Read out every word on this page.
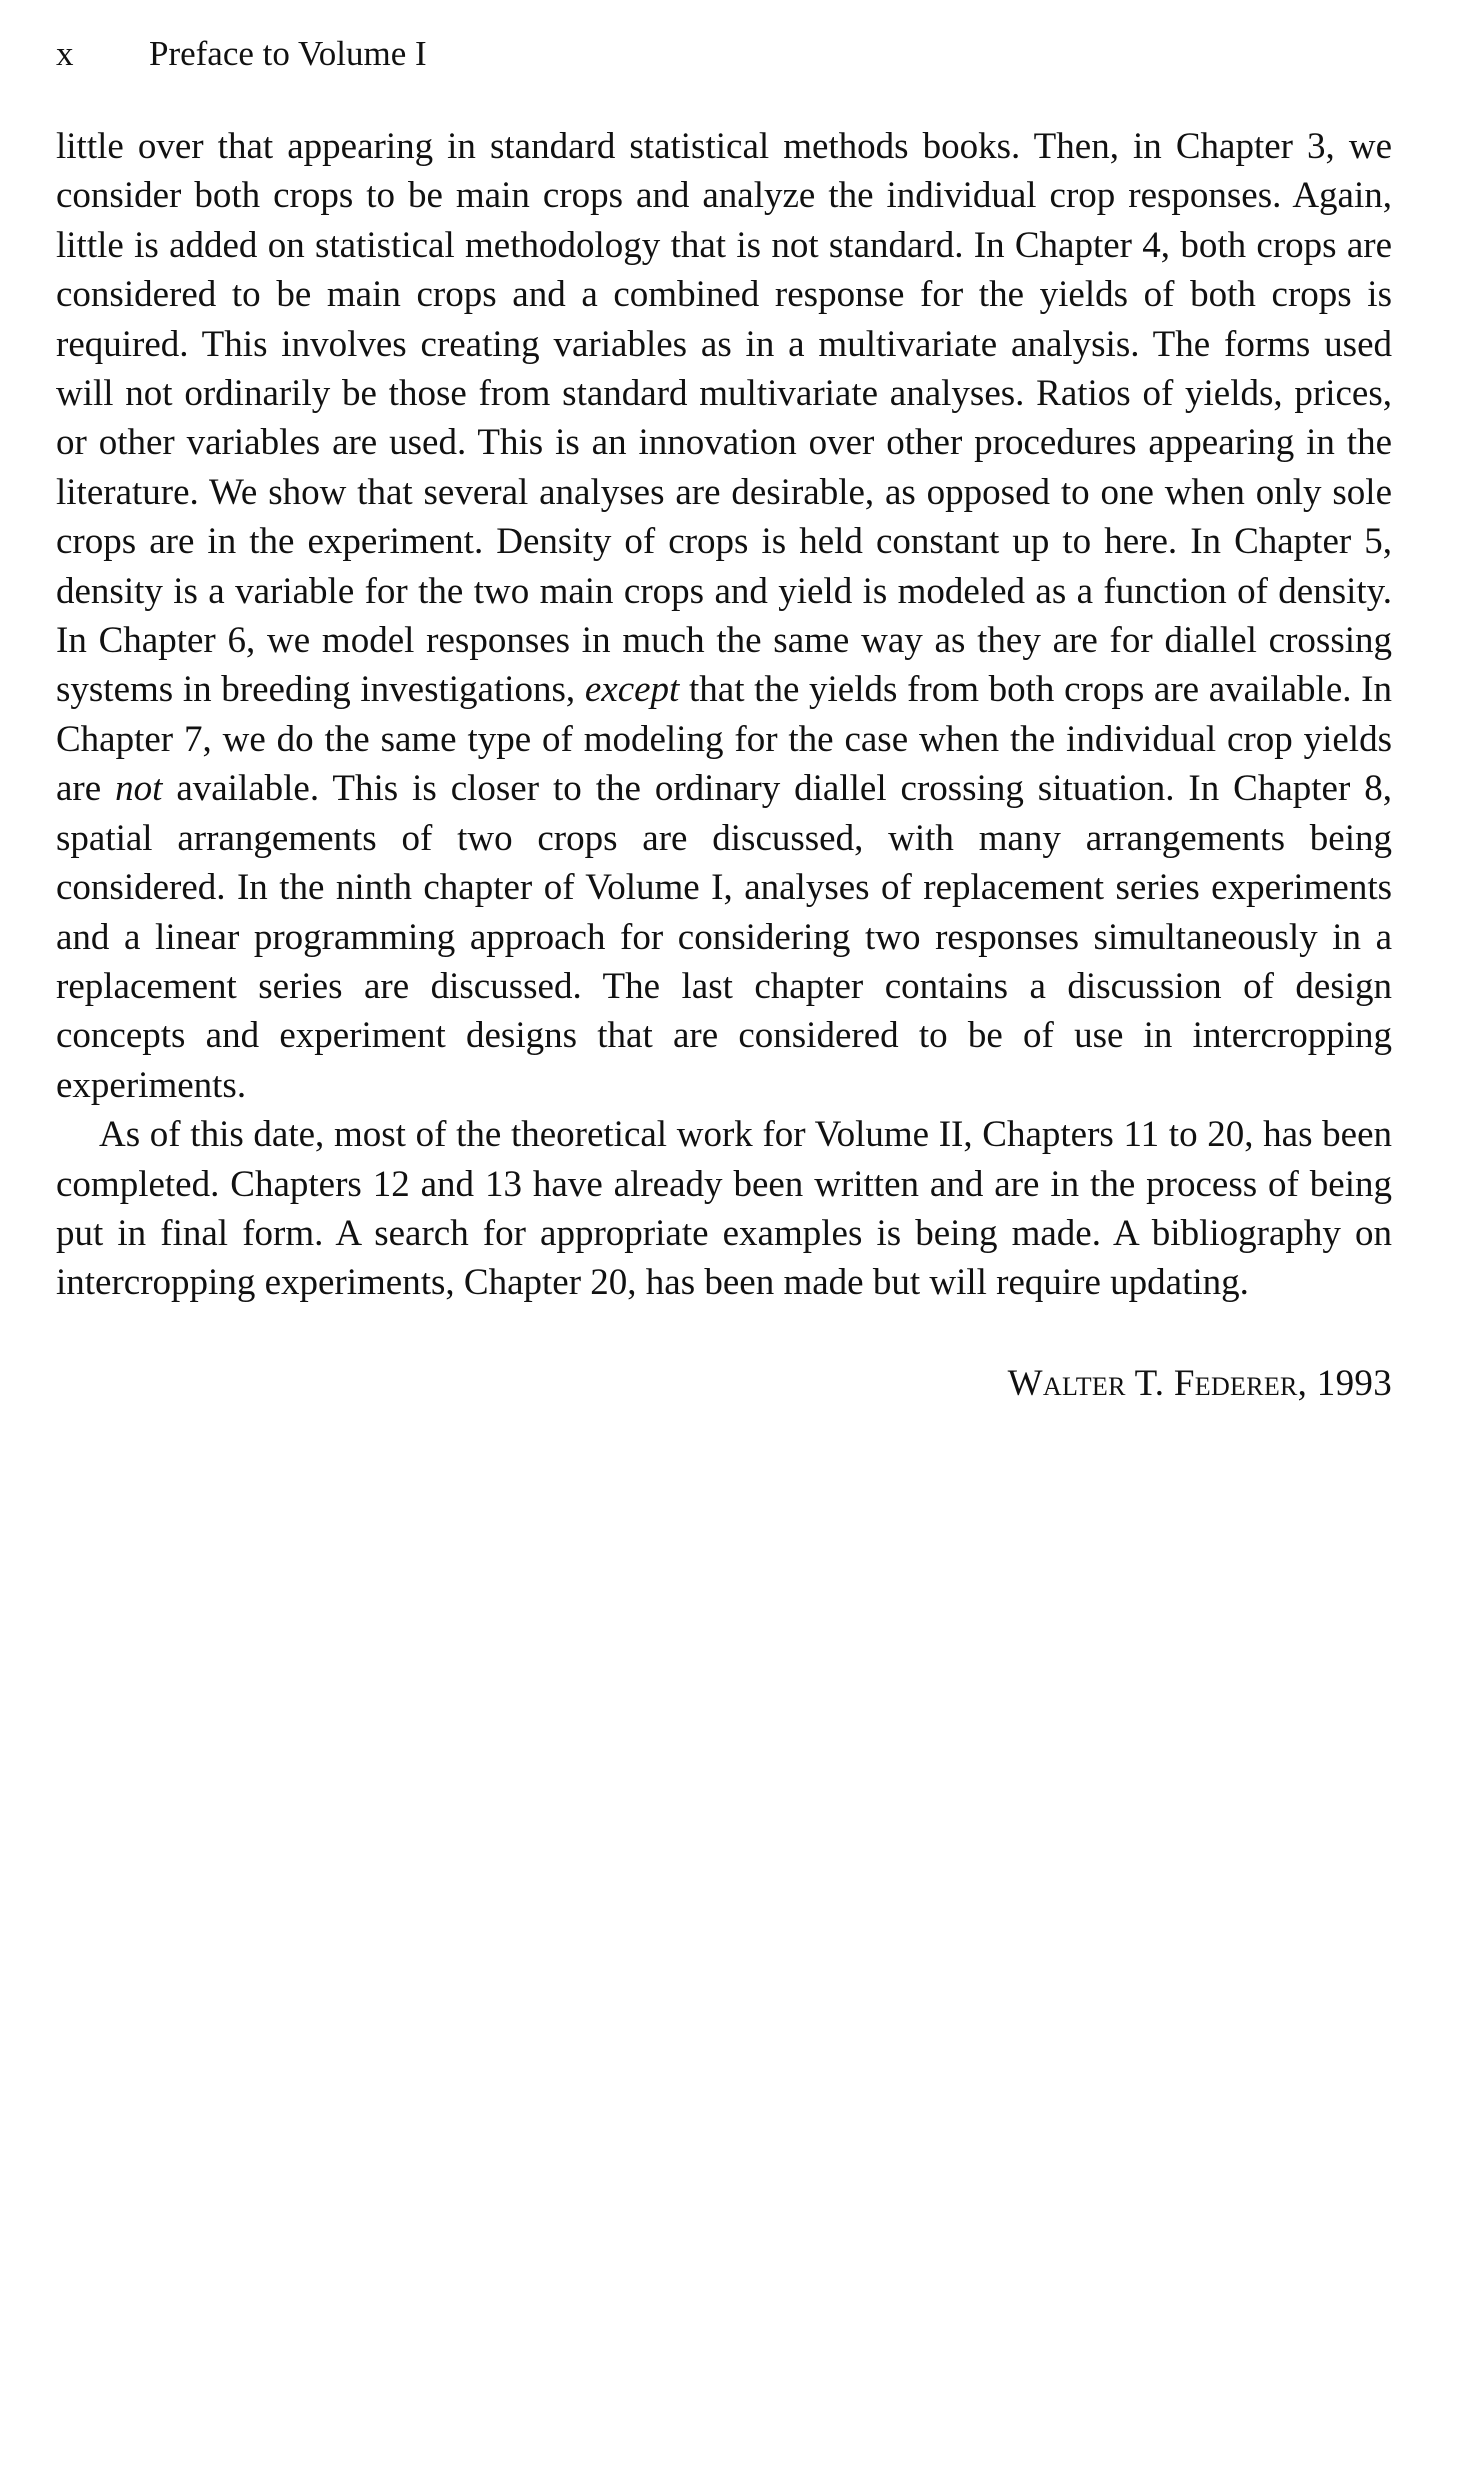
x Preface to Volume I

little over that appearing in standard statistical methods books. Then, in Chapter 3, we consider both crops to be main crops and analyze the individual crop responses. Again, little is added on statistical methodology that is not standard. In Chapter 4, both crops are considered to be main crops and a combined response for the yields of both crops is required. This involves creating variables as in a multivariate analysis. The forms used will not ordinarily be those from standard multivariate analyses. Ratios of yields, prices, or other variables are used. This is an innovation over other procedures appearing in the literature. We show that several analyses are desirable, as opposed to one when only sole crops are in the experiment. Density of crops is held constant up to here. In Chapter 5, density is a variable for the two main crops and yield is modeled as a function of density. In Chapter 6, we model responses in much the same way as they are for diallel crossing systems in breeding investigations, except that the yields from both crops are available. In Chapter 7, we do the same type of modeling for the case when the individual crop yields are not available. This is closer to the ordinary diallel crossing situation. In Chapter 8, spatial arrangements of two crops are discussed, with many arrangements being considered. In the ninth chapter of Volume I, analyses of replacement series experiments and a linear programming approach for considering two responses simultaneously in a replacement series are discussed. The last chapter contains a discussion of design concepts and experiment designs that are considered to be of use in intercropping experiments.

As of this date, most of the theoretical work for Volume II, Chapters 11 to 20, has been completed. Chapters 12 and 13 have already been written and are in the process of being put in final form. A search for appropriate examples is being made. A bibliography on intercropping experiments, Chapter 20, has been made but will require updating.

Walter T. Federer, 1993
